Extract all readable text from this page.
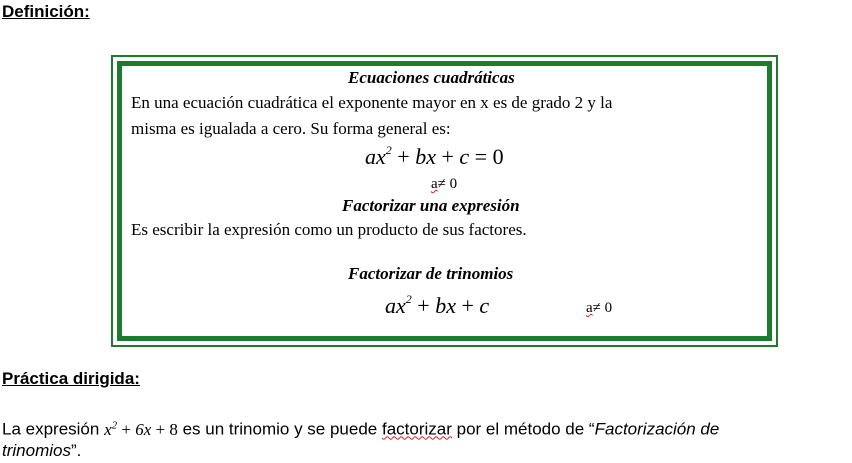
Definición:
Ecuaciones cuadráticas
En una ecuación cuadrática el exponente mayor en x es de grado 2 y la
misma es igualada a cero. Su forma general es:
$ax^2$ + bx + c = 0
a≠ 0
Factorizar una expresión
Es escribir la expresión como un producto de sus factores.
Factorizar de trinomios
$ax^2$ + bx + c	a≠ 0
Práctica dirigida:
La expresión $x^2 + 6x + 8$ es un trinomio y se puede factorizar por el método de “Factorización de
trinomios”.
